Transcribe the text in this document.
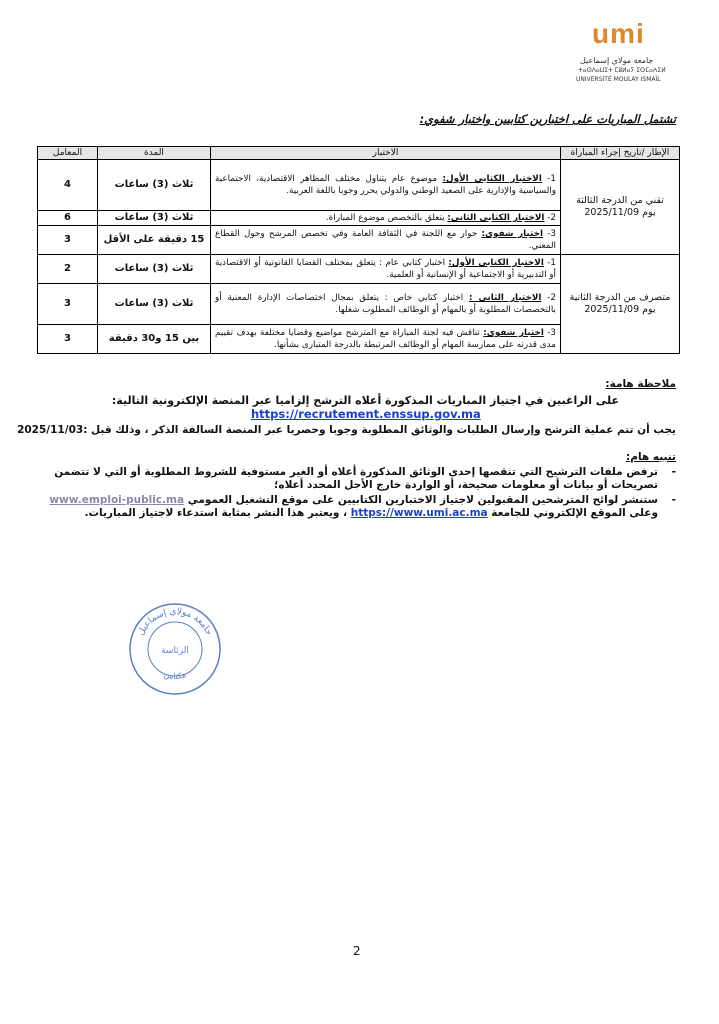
umi
جامعة مولاي إسماعيل
ⵜⴰⵙⴷⴰⵡⵉⵜ ⵎⵓⵍⴰⵢ ⵉⵙⵎⴰⵄⵉⵍ
UNIVERSITÉ MOULAY ISMAÏL
تشتمل المباريات على اختبارين كتابيين واختبار شفوي:
الإطار /تاريخ إجراء المباراة	الاختبار	المدة	المعامل

تقني من الدرجة الثالثة
يوم 2025/11/09	1- الاختبار الكتابي الأول: موضوع عام يتناول مختلف المظاهر الاقتصادية، الاجتماعية والسياسية والإدارية على الصعيد الوطني والدولي يحرر وجوبا باللغة العربية.	ثلاث (3) ساعات	4
	2- الاختبار الكتابي الثاني: يتعلق بالتخصص موضوع المباراة.	ثلاث (3) ساعات	6
	3- اختبار شفوي: حوار مع اللجنة في الثقافة العامة وفي تخصص المرشح وحول القطاع المعني.	15 دقيقة على الأقل	3

متصرف من الدرجة الثانية
يوم 2025/11/09	1- الاختبار الكتابي الأول: اختبار كتابي عام : يتعلق بمختلف القضايا القانونية أو الاقتصادية أو التدبيرية أو الاجتماعية أو الإنسانية أو العلمية.	ثلاث (3) ساعات	2
	2- الاختبار الثاني : اختبار كتابي خاص : يتعلق بمجال اختصاصات الإدارة المعنية أو بالتخصصات المطلوبة أو بالمهام أو الوظائف المطلوب شغلها.	ثلاث (3) ساعات	3
	3- اختبار شفوي: تناقش فيه لجنة المباراة مع المترشح مواضيع وقضايا مختلفة بهدف تقييم مدى قدرته على ممارسة المهام أو الوظائف المرتبطة بالدرجة المتبارى بشأنها.	بين 15 و30 دقيقة	3
ملاحظة هامة:
على الراغبين في اجتياز المباريات المذكورة أعلاه الترشح إلزاميا عبر المنصة الإلكترونية التالية:
https://recrutement.enssup.gov.ma
يجب أن تتم عملية الترشح وإرسال الطلبات والوثائق المطلوبة وجوبا وحصريا عبر المنصة السالفة الذكر ، وذلك قبل :2025/11/03
تنبيه هام:
-
ترفض ملفات الترشيح التي تنقصها إحدى الوثائق المذكورة أعلاه أو الغير مستوفية للشروط المطلوبة أو التي لا تتضمن تصريحات أو بيانات أو معلومات صحيحة، أو الواردة خارج الأجل المحدد أعلاه؛
-
ستنشر لوائح المترشحين المقبولين لاجتياز الاختبارين الكتابيين على موقع التشغيل العمومي www.emploi-public.ma وعلى الموقع الإلكتروني للجامعة https://www.umi.ac.ma ، ويعتبر هذا النشر بمثابة استدعاء لاجتياز المباريات.
جامعة مولاي إسماعيل
الرئاسة
مكناس
2
